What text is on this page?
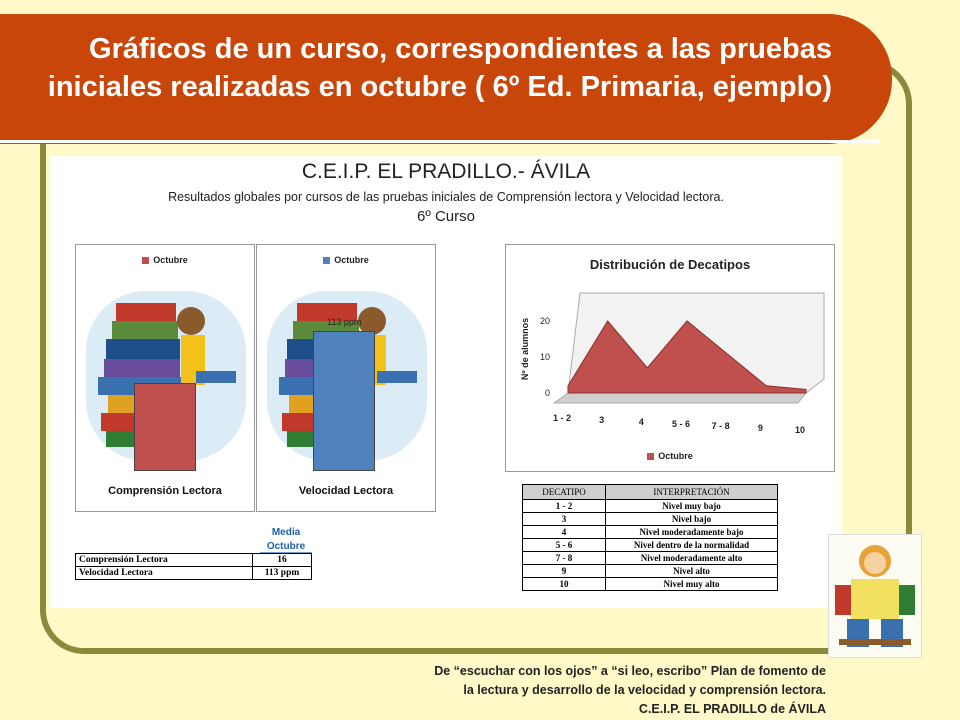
Gráficos de un curso, correspondientes a las pruebas iniciales realizadas en octubre ( 6º Ed. Primaria, ejemplo)
C.E.I.P. EL PRADILLO.- ÁVILA
Resultados globales por cursos de las pruebas iniciales de Comprensión lectora y Velocidad lectora.
6º Curso
Octubre
Comprensión Lectora
Octubre
113 ppm
Velocidad Lectora
Media Octubre
Comprensión Lectora	16
Velocidad Lectora	113 ppm
Distribución de Decatipos
0
10
20
1 - 2	3	4	5 - 6 7 - 8	9	10
Nº de alumnos
Octubre
DECATIPO	INTERPRETACIÓN
1 - 2	Nivel muy bajo
3	Nivel bajo
4	Nivel moderadamente bajo
5 - 6	Nivel dentro de la normalidad
7 - 8	Nivel moderadamente alto
9	Nivel alto
10	Nivel muy alto
De “escuchar con los ojos” a “si leo, escribo” Plan de fomento de
la lectura y desarrollo de la velocidad y comprensión lectora.
C.E.I.P. EL PRADILLO de ÁVILA
